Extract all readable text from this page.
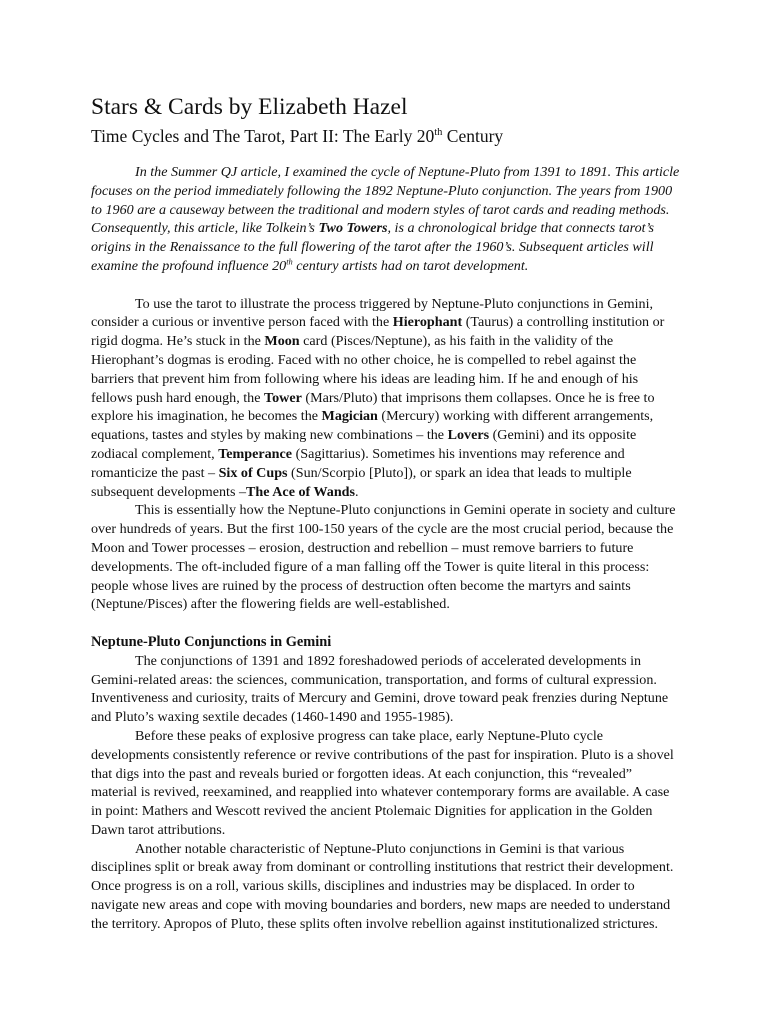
Stars & Cards by Elizabeth Hazel
Time Cycles and The Tarot, Part II: The Early 20th Century

In the Summer QJ article, I examined the cycle of Neptune-Pluto from 1391 to 1891. This article focuses on the period immediately following the 1892 Neptune-Pluto conjunction. The years from 1900 to 1960 are a causeway between the traditional and modern styles of tarot cards and reading methods. Consequently, this article, like Tolkein’s Two Towers, is a chronological bridge that connects tarot’s origins in the Renaissance to the full flowering of the tarot after the 1960’s. Subsequent articles will examine the profound influence 20th century artists had on tarot development.

To use the tarot to illustrate the process triggered by Neptune-Pluto conjunctions in Gemini, consider a curious or inventive person faced with the Hierophant (Taurus) a controlling institution or rigid dogma. He’s stuck in the Moon card (Pisces/Neptune), as his faith in the validity of the Hierophant’s dogmas is eroding. Faced with no other choice, he is compelled to rebel against the barriers that prevent him from following where his ideas are leading him. If he and enough of his fellows push hard enough, the Tower (Mars/Pluto) that imprisons them collapses. Once he is free to explore his imagination, he becomes the Magician (Mercury) working with different arrangements, equations, tastes and styles by making new combinations – the Lovers (Gemini) and its opposite zodiacal complement, Temperance (Sagittarius). Sometimes his inventions may reference and romanticize the past – Six of Cups (Sun/Scorpio [Pluto]), or spark an idea that leads to multiple subsequent developments –The Ace of Wands.

This is essentially how the Neptune-Pluto conjunctions in Gemini operate in society and culture over hundreds of years. But the first 100-150 years of the cycle are the most crucial period, because the Moon and Tower processes – erosion, destruction and rebellion – must remove barriers to future developments. The oft-included figure of a man falling off the Tower is quite literal in this process: people whose lives are ruined by the process of destruction often become the martyrs and saints (Neptune/Pisces) after the flowering fields are well-established.

Neptune-Pluto Conjunctions in Gemini

The conjunctions of 1391 and 1892 foreshadowed periods of accelerated developments in Gemini-related areas: the sciences, communication, transportation, and forms of cultural expression. Inventiveness and curiosity, traits of Mercury and Gemini, drove toward peak frenzies during Neptune and Pluto’s waxing sextile decades (1460-1490 and 1955-1985).

Before these peaks of explosive progress can take place, early Neptune-Pluto cycle developments consistently reference or revive contributions of the past for inspiration. Pluto is a shovel that digs into the past and reveals buried or forgotten ideas. At each conjunction, this “revealed” material is revived, reexamined, and reapplied into whatever contemporary forms are available. A case in point: Mathers and Wescott revived the ancient Ptolemaic Dignities for application in the Golden Dawn tarot attributions.

Another notable characteristic of Neptune-Pluto conjunctions in Gemini is that various disciplines split or break away from dominant or controlling institutions that restrict their development. Once progress is on a roll, various skills, disciplines and industries may be displaced. In order to navigate new areas and cope with moving boundaries and borders, new maps are needed to understand the territory. Apropos of Pluto, these splits often involve rebellion against institutionalized strictures.
